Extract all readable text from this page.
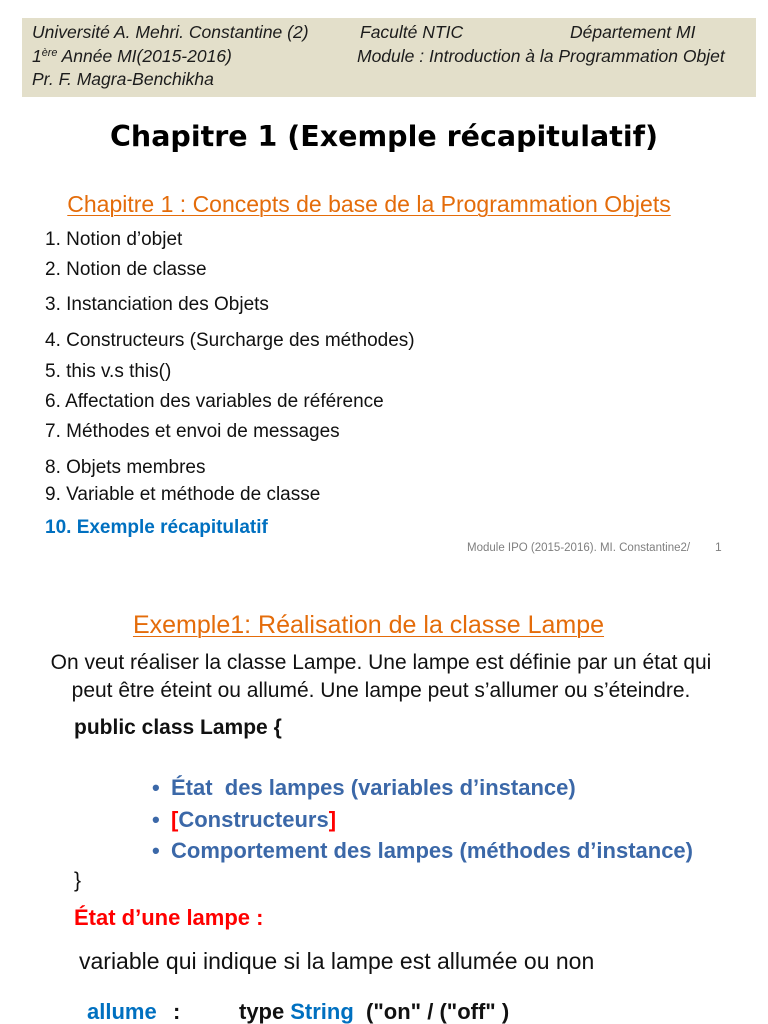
Université A. Mehri. Constantine (2)	Faculté NTIC	Département MI
1ère Année MI(2015-2016)	Module : Introduction à la Programmation Objet
Pr. F. Magra-Benchikha
Chapitre 1 (Exemple récapitulatif)
Chapitre 1 : Concepts de base de la Programmation Objets
1. Notion d’objet
2. Notion de classe
3. Instanciation des Objets
4. Constructeurs (Surcharge des méthodes)
5. this v.s this()
6. Affectation des variables de référence
7. Méthodes et envoi de messages
8. Objets membres
9. Variable et méthode de classe
10. Exemple récapitulatif
Module IPO (2015-2016). MI. Constantine2/ 1
Exemple1: Réalisation de la classe Lampe
On veut réaliser la classe Lampe. Une lampe est définie par un état qui
peut être éteint ou allumé. Une lampe peut s’allumer ou s’éteindre.
public class Lampe {
• État  des lampes (variables d’instance)
• [Constructeurs]
• Comportement des lampes (méthodes d’instance)
}
État d’une lampe :
variable qui indique si la lampe est allumée ou non
allume :	type String  ("on" / ("off" )
